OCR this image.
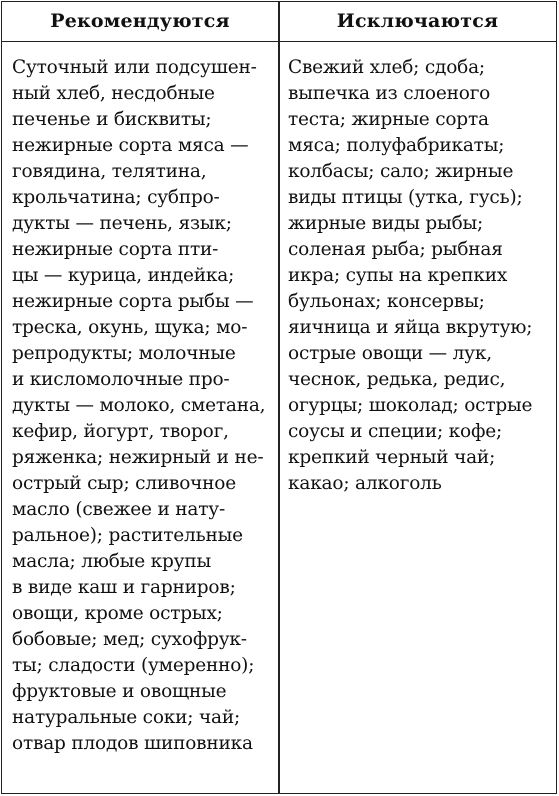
Рекомендуются	Исключаются
Суточный или подсушен-
ный хлеб, несдобные
печенье и бисквиты;
нежирные сорта мяса —
говядина, телятина,
крольчатина; субпро-
дукты — печень, язык;
нежирные сорта пти-
цы — курица, индейка;
нежирные сорта рыбы —
треска, окунь, щука; мо-
репродукты; молочные
и кисломолочные про-
дукты — молоко, сметана,
кефир, йогурт, творог,
ряженка; нежирный и не-
острый сыр; сливочное
масло (свежее и нату-
ральное); растительные
масла; любые крупы
в виде каш и гарниров;
овощи, кроме острых;
бобовые; мед; сухофрук-
ты; сладости (умеренно);
фруктовые и овощные
натуральные соки; чай;
отвар плодов шиповника
Свежий хлеб; сдоба;
выпечка из слоеного
теста; жирные сорта
мяса; полуфабрикаты;
колбасы; сало; жирные
виды птицы (утка, гусь);
жирные виды рыбы;
соленая рыба; рыбная
икра; супы на крепких
бульонах; консервы;
яичница и яйца вкрутую;
острые овощи — лук,
чеснок, редька, редис,
огурцы; шоколад; острые
соусы и специи; кофе;
крепкий черный чай;
какао; алкоголь
